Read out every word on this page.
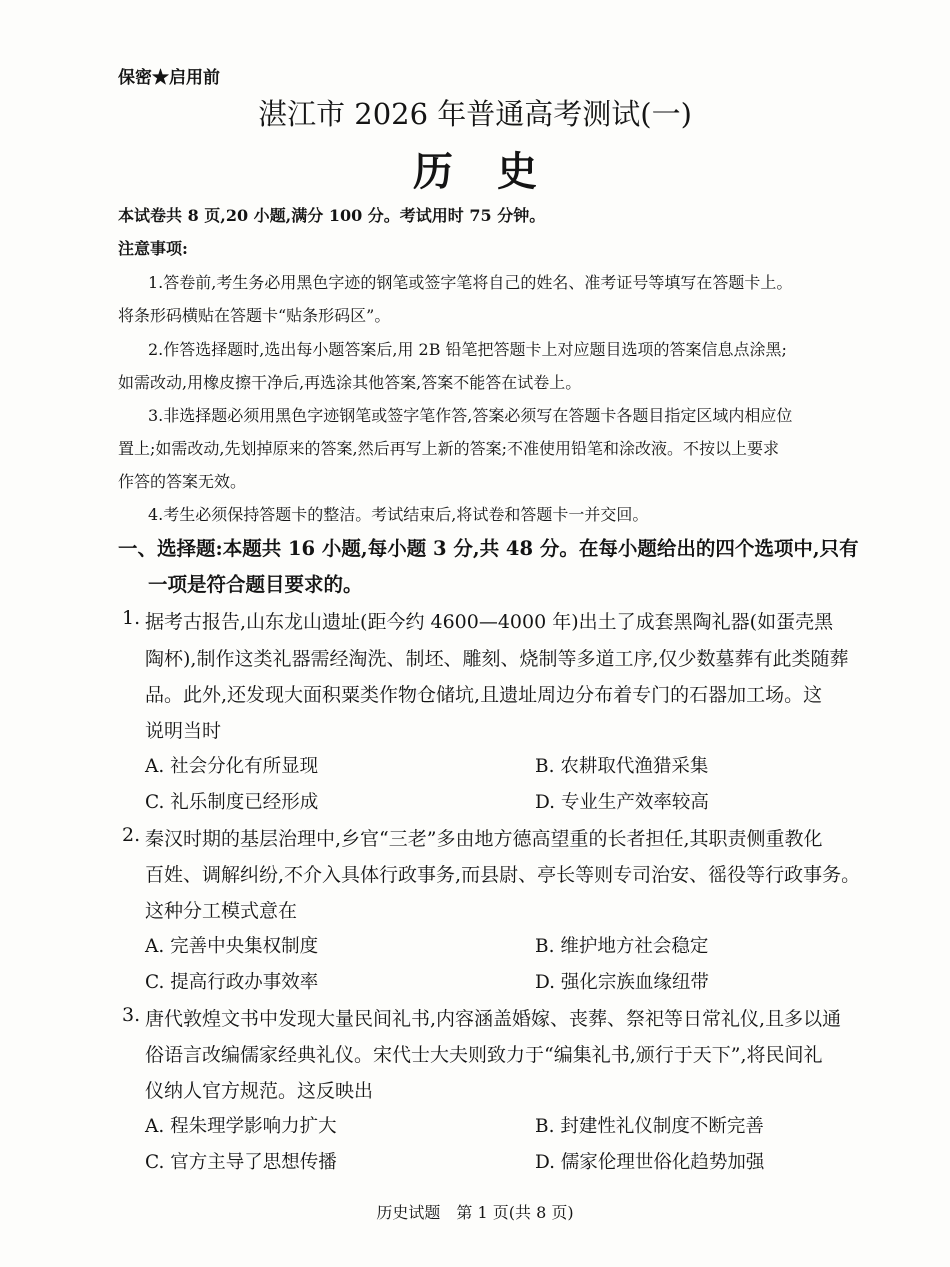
保密★启用前
湛江市 2026 年普通高考测试(一)
历史
本试卷共 8 页,20 小题,满分 100 分。考试用时 75 分钟。
注意事项:
1.答卷前,考生务必用黑色字迹的钢笔或签字笔将自己的姓名、准考证号等填写在答题卡上。
将条形码横贴在答题卡“贴条形码区”。
2.作答选择题时,选出每小题答案后,用 2B 铅笔把答题卡上对应题目选项的答案信息点涂黑;
如需改动,用橡皮擦干净后,再选涂其他答案,答案不能答在试卷上。
3.非选择题必须用黑色字迹钢笔或签字笔作答,答案必须写在答题卡各题目指定区域内相应位
置上;如需改动,先划掉原来的答案,然后再写上新的答案;不准使用铅笔和涂改液。不按以上要求
作答的答案无效。
4.考生必须保持答题卡的整洁。考试结束后,将试卷和答题卡一并交回。
一、选择题:本题共 16 小题,每小题 3 分,共 48 分。在每小题给出的四个选项中,只有
一项是符合题目要求的。
1. 据考古报告,山东龙山遗址(距今约 4600—4000 年)出土了成套黑陶礼器(如蛋壳黑
陶杯),制作这类礼器需经淘洗、制坯、雕刻、烧制等多道工序,仅少数墓葬有此类随葬
品。此外,还发现大面积粟类作物仓储坑,且遗址周边分布着专门的石器加工场。这
说明当时
A. 社会分化有所显现	B. 农耕取代渔猎采集
C. 礼乐制度已经形成	D. 专业生产效率较高
2. 秦汉时期的基层治理中,乡官“三老”多由地方德高望重的长者担任,其职责侧重教化
百姓、调解纠纷,不介入具体行政事务,而县尉、亭长等则专司治安、徭役等行政事务。
这种分工模式意在
A. 完善中央集权制度	B. 维护地方社会稳定
C. 提高行政办事效率	D. 强化宗族血缘纽带
3. 唐代敦煌文书中发现大量民间礼书,内容涵盖婚嫁、丧葬、祭祀等日常礼仪,且多以通
俗语言改编儒家经典礼仪。宋代士大夫则致力于“编集礼书,颁行于天下”,将民间礼
仪纳人官方规范。这反映出
A. 程朱理学影响力扩大	B. 封建性礼仪制度不断完善
C. 官方主导了思想传播	D. 儒家伦理世俗化趋势加强
历史试题　第 1 页(共 8 页)
